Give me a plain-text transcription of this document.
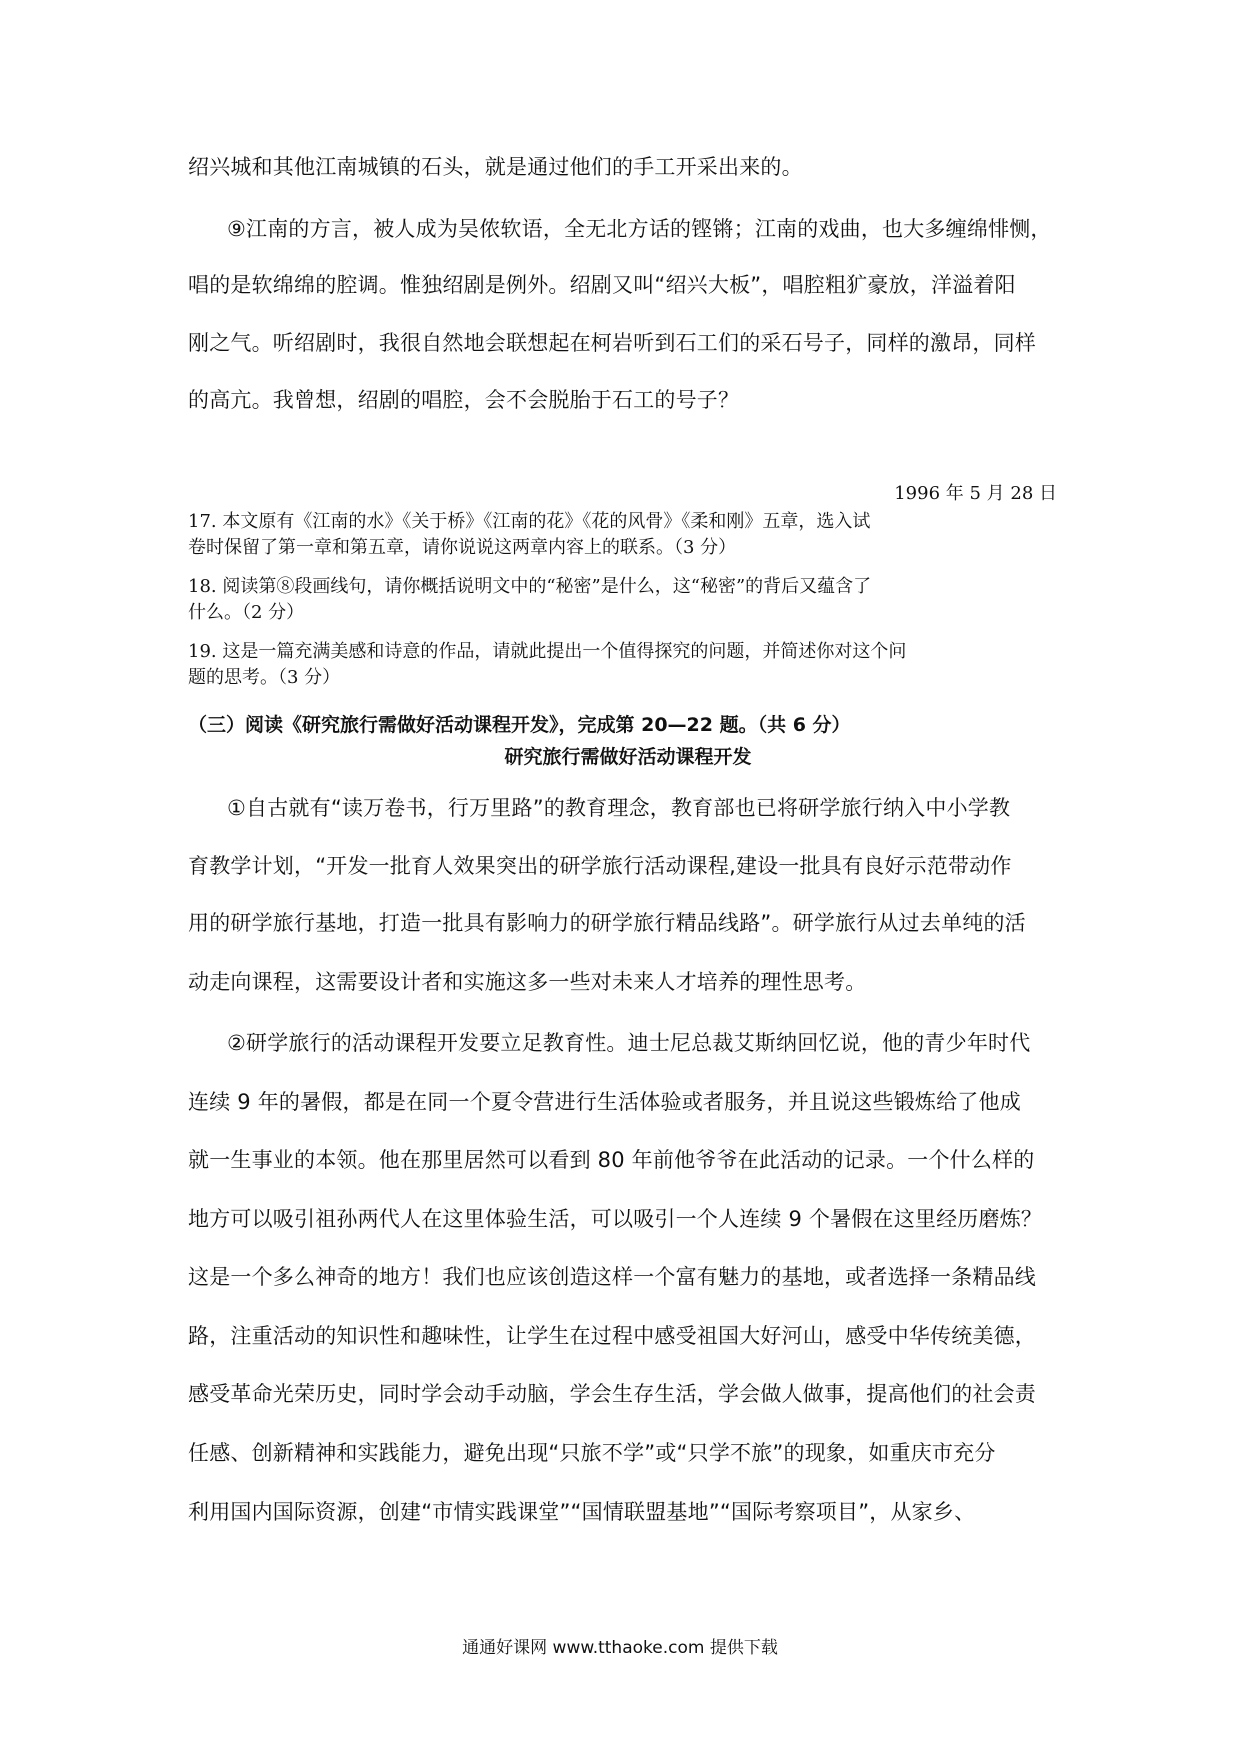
绍兴城和其他江南城镇的石头，就是通过他们的手工开采出来的。
⑨江南的方言，被人成为吴侬软语，全无北方话的铿锵；江南的戏曲，也大多缠绵悱恻，
唱的是软绵绵的腔调。惟独绍剧是例外。绍剧又叫“绍兴大板”，唱腔粗犷豪放，洋溢着阳
刚之气。听绍剧时，我很自然地会联想起在柯岩听到石工们的采石号子，同样的激昂，同样
的高亢。我曾想，绍剧的唱腔，会不会脱胎于石工的号子？
1996 年 5 月 28 日
17. 本文原有《江南的水》《关于桥》《江南的花》《花的风骨》《柔和刚》五章，选入试
卷时保留了第一章和第五章，请你说说这两章内容上的联系。（3 分）
18. 阅读第⑧段画线句，请你概括说明文中的“秘密”是什么，这“秘密”的背后又蕴含了
什么。（2 分）
19. 这是一篇充满美感和诗意的作品，请就此提出一个值得探究的问题，并简述你对这个问
题的思考。（3 分）
（三）阅读《研究旅行需做好活动课程开发》，完成第 20—22 题。（共 6 分）
研究旅行需做好活动课程开发
①自古就有“读万卷书，行万里路”的教育理念，教育部也已将研学旅行纳入中小学教
育教学计划，“开发一批育人效果突出的研学旅行活动课程,建设一批具有良好示范带动作
用的研学旅行基地，打造一批具有影响力的研学旅行精品线路”。研学旅行从过去单纯的活
动走向课程，这需要设计者和实施这多一些对未来人才培养的理性思考。
②研学旅行的活动课程开发要立足教育性。迪士尼总裁艾斯纳回忆说，他的青少年时代
连续 9 年的暑假，都是在同一个夏令营进行生活体验或者服务，并且说这些锻炼给了他成
就一生事业的本领。他在那里居然可以看到 80 年前他爷爷在此活动的记录。一个什么样的
地方可以吸引祖孙两代人在这里体验生活，可以吸引一个人连续 9 个暑假在这里经历磨炼？
这是一个多么神奇的地方！我们也应该创造这样一个富有魅力的基地，或者选择一条精品线
路，注重活动的知识性和趣味性，让学生在过程中感受祖国大好河山，感受中华传统美德，
感受革命光荣历史，同时学会动手动脑，学会生存生活，学会做人做事，提高他们的社会责
任感、创新精神和实践能力，避免出现“只旅不学”或“只学不旅”的现象，如重庆市充分
利用国内国际资源，创建“市情实践课堂”“国情联盟基地”“国际考察项目”，从家乡、
通通好课网 www.tthaoke.com 提供下载
